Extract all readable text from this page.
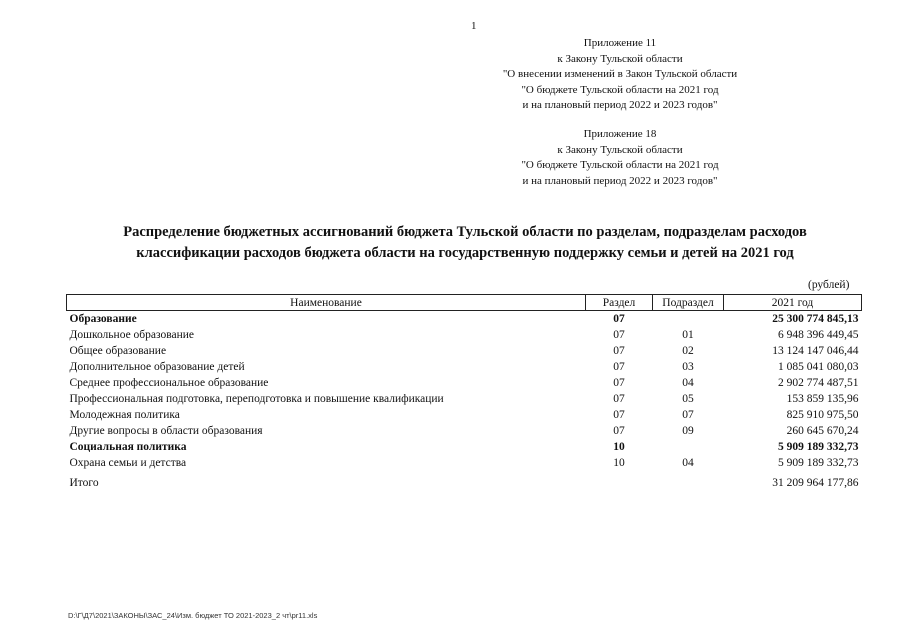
1
Приложение 11
к Закону Тульской области
"О внесении изменений в Закон Тульской области
"О бюджете Тульской области на 2021 год
и на плановый период 2022 и 2023 годов"
Приложение 18
к Закону Тульской области
"О бюджете Тульской области на 2021 год
и на плановый период 2022 и 2023 годов"
Распределение бюджетных ассигнований бюджета Тульской области по разделам, подразделам расходов
классификации расходов бюджета области на государственную поддержку семьи и детей на 2021 год
(рублей)
Наименование	Раздел	Подраздел	2021 год
Образование	07		25 300 774 845,13
Дошкольное образование	07	01	6 948 396 449,45
Общее образование	07	02	13 124 147 046,44
Дополнительное образование детей	07	03	1 085 041 080,03
Среднее профессиональное образование	07	04	2 902 774 487,51
Профессиональная подготовка, переподготовка и повышение квалификации	07	05	153 859 135,96
Молодежная политика	07	07	825 910 975,50
Другие вопросы в области образования	07	09	260 645 670,24
Социальная политика	10		5 909 189 332,73
Охрана семьи и детства	10	04	5 909 189 332,73
Итого			31 209 964 177,86
D:\Г\Д7\2021\ЗАКОНЫ\ЗАС_24\Изм. бюджет ТО 2021-2023_2 чт\pr11.xls
